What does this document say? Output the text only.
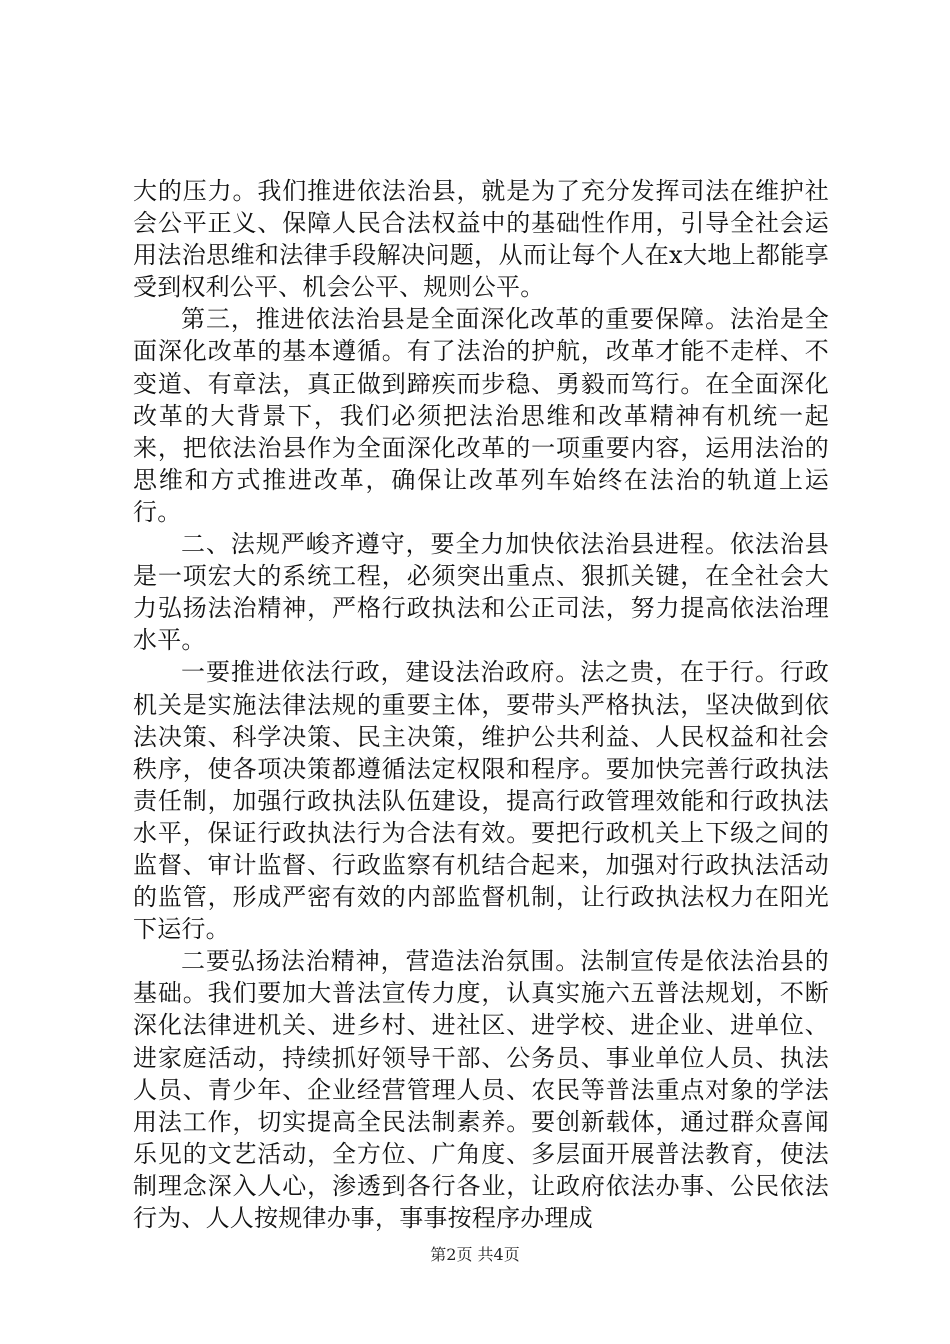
大的压力。我们推进依法治县，就是为了充分发挥司法在维护社会公平正义、保障人民合法权益中的基础性作用，引导全社会运用法治思维和法律手段解决问题，从而让每个人在x大地上都能享受到权利公平、机会公平、规则公平。

第三，推进依法治县是全面深化改革的重要保障。法治是全面深化改革的基本遵循。有了法治的护航，改革才能不走样、不变道、有章法，真正做到蹄疾而步稳、勇毅而笃行。在全面深化改革的大背景下，我们必须把法治思维和改革精神有机统一起来，把依法治县作为全面深化改革的一项重要内容，运用法治的思维和方式推进改革，确保让改革列车始终在法治的轨道上运行。

二、法规严峻齐遵守，要全力加快依法治县进程。依法治县是一项宏大的系统工程，必须突出重点、狠抓关键，在全社会大力弘扬法治精神，严格行政执法和公正司法，努力提高依法治理水平。

一要推进依法行政，建设法治政府。法之贵，在于行。行政机关是实施法律法规的重要主体，要带头严格执法，坚决做到依法决策、科学决策、民主决策，维护公共利益、人民权益和社会秩序，使各项决策都遵循法定权限和程序。要加快完善行政执法责任制，加强行政执法队伍建设，提高行政管理效能和行政执法水平，保证行政执法行为合法有效。要把行政机关上下级之间的监督、审计监督、行政监察有机结合起来，加强对行政执法活动的监管，形成严密有效的内部监督机制，让行政执法权力在阳光下运行。

二要弘扬法治精神，营造法治氛围。法制宣传是依法治县的基础。我们要加大普法宣传力度，认真实施六五普法规划，不断深化法律进机关、进乡村、进社区、进学校、进企业、进单位、进家庭活动，持续抓好领导干部、公务员、事业单位人员、执法人员、青少年、企业经营管理人员、农民等普法重点对象的学法用法工作，切实提高全民法制素养。要创新载体，通过群众喜闻乐见的文艺活动，全方位、广角度、多层面开展普法教育，使法制理念深入人心，渗透到各行各业，让政府依法办事、公民依法行为、人人按规律办事，事事按程序办理成

第2页 共4页
